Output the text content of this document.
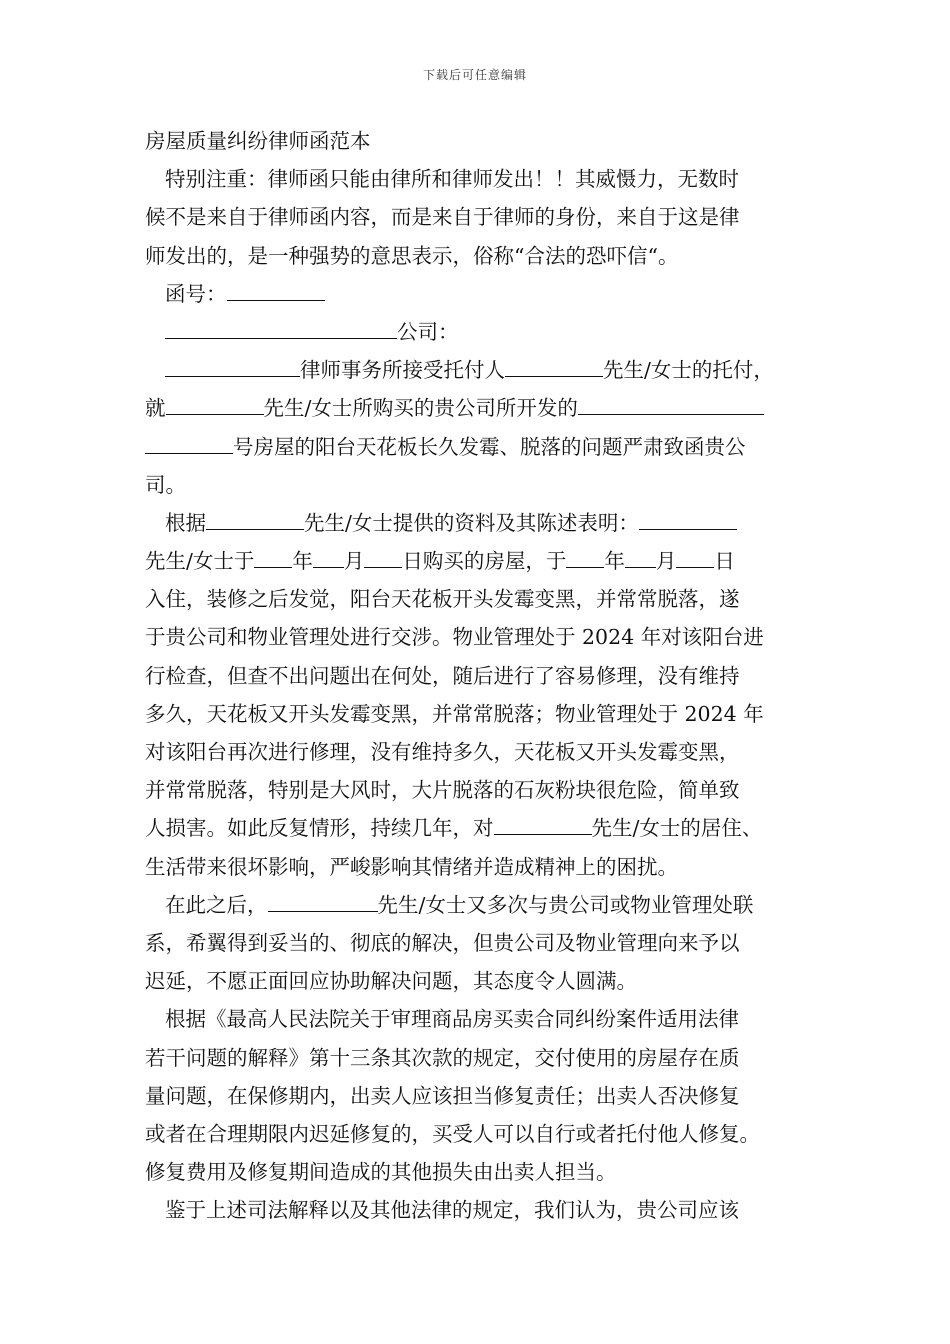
下载后可任意编辑
房屋质量纠纷律师函范本
特别注重：律师函只能由律所和律师发出！！其威慑力，无数时
候不是来自于律师函内容，而是来自于律师的身份，来自于这是律
师发出的，是一种强势的意思表示，俗称“合法的恐吓信“。
函号：
公司：
律师事务所接受托付人	先生/女士的托付，
就	先生/女士所购买的贵公司所开发的
号房屋的阳台天花板长久发霉、脱落的问题严肃致函贵公
司。
根据	先生/女士提供的资料及其陈述表明：
先生/女士于 年 月 日购买的房屋，于 年 月 日
入住，装修之后发觉，阳台天花板开头发霉变黑，并常常脱落，遂
于贵公司和物业管理处进行交涉。物业管理处于 2024 年对该阳台进
行检查，但查不出问题出在何处，随后进行了容易修理，没有维持
多久，天花板又开头发霉变黑，并常常脱落；物业管理处于 2024 年
对该阳台再次进行修理，没有维持多久，天花板又开头发霉变黑，
并常常脱落，特别是大风时，大片脱落的石灰粉块很危险，简单致
人损害。如此反复情形，持续几年，对	先生/女士的居住、
生活带来很坏影响，严峻影响其情绪并造成精神上的困扰。
在此之后，	先生/女士又多次与贵公司或物业管理处联
系，希翼得到妥当的、彻底的解决，但贵公司及物业管理向来予以
迟延，不愿正面回应协助解决问题，其态度令人圆满。
根据《最高人民法院关于审理商品房买卖合同纠纷案件适用法律
若干问题的解释》第十三条其次款的规定，交付使用的房屋存在质
量问题，在保修期内，出卖人应该担当修复责任；出卖人否决修复
或者在合理期限内迟延修复的，买受人可以自行或者托付他人修复。
修复费用及修复期间造成的其他损失由出卖人担当。
鉴于上述司法解释以及其他法律的规定，我们认为，贵公司应该
